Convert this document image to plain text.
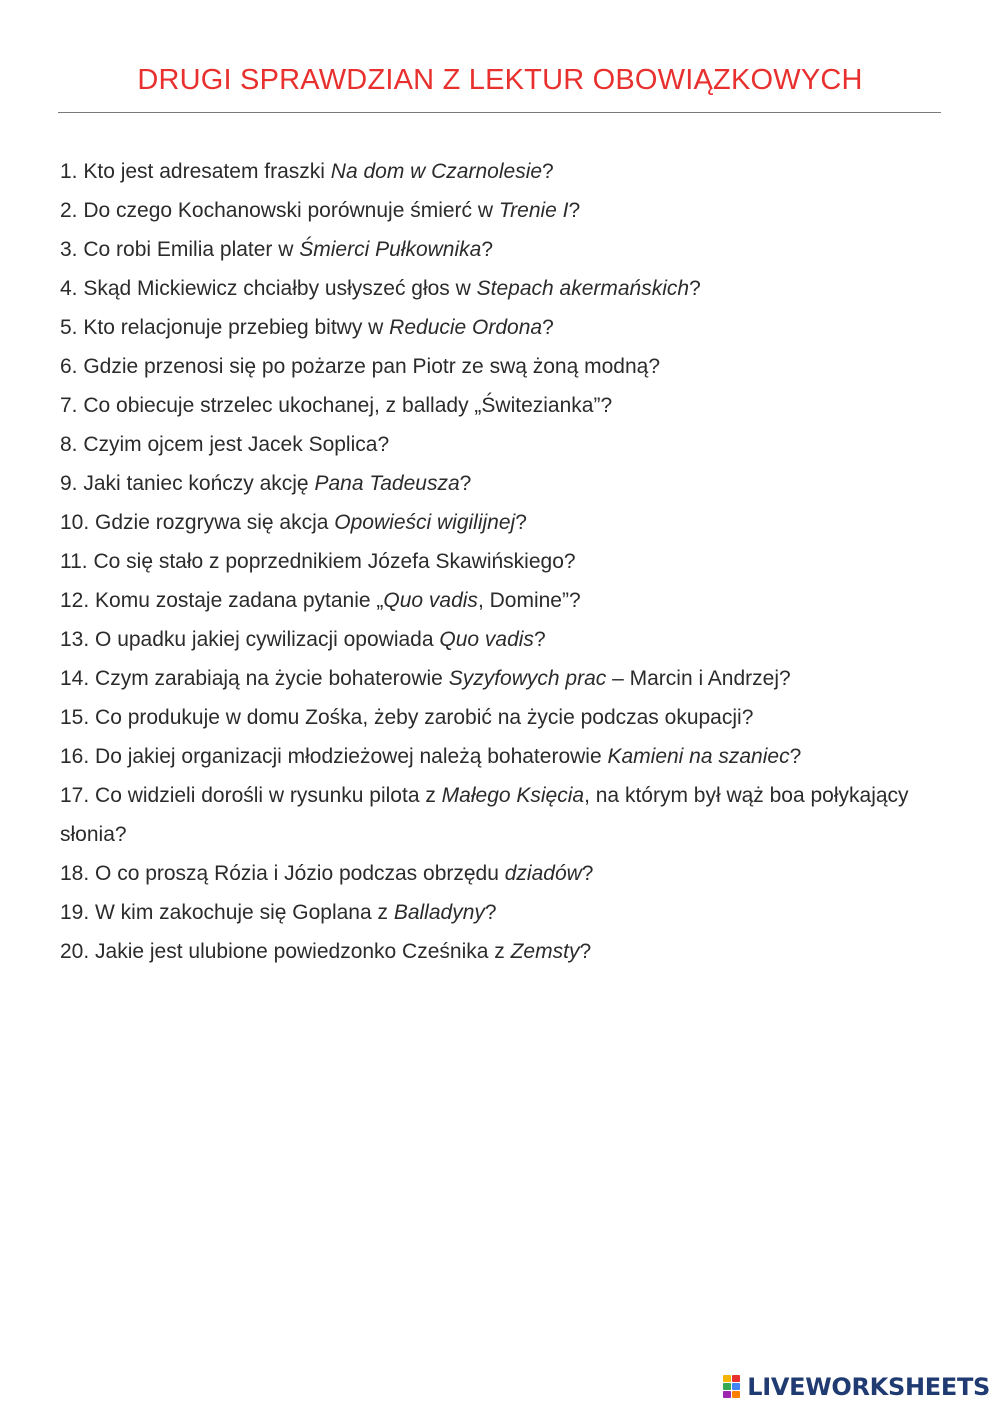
DRUGI SPRAWDZIAN Z LEKTUR OBOWIĄZKOWYCH
1. Kto jest adresatem fraszki Na dom w Czarnolesie?
2. Do czego Kochanowski porównuje śmierć w Trenie I?
3. Co robi Emilia plater w Śmierci Pułkownika?
4. Skąd Mickiewicz chciałby usłyszeć głos w Stepach akermańskich?
5. Kto relacjonuje przebieg bitwy w Reducie Ordona?
6. Gdzie przenosi się po pożarze pan Piotr ze swą żoną modną?
7. Co obiecuje strzelec ukochanej, z ballady „Świtezianka”?
8. Czyim ojcem jest Jacek Soplica?
9. Jaki taniec kończy akcję Pana Tadeusza?
10. Gdzie rozgrywa się akcja Opowieści wigilijnej?
11. Co się stało z poprzednikiem Józefa Skawińskiego?
12. Komu zostaje zadana pytanie „Quo vadis, Domine”?
13. O upadku jakiej cywilizacji opowiada Quo vadis?
14. Czym zarabiają na życie bohaterowie Syzyfowych prac – Marcin i Andrzej?
15. Co produkuje w domu Zośka, żeby zarobić na życie podczas okupacji?
16. Do jakiej organizacji młodzieżowej należą bohaterowie Kamieni na szaniec?
17. Co widzieli dorośli w rysunku pilota z Małego Księcia, na którym był wąż boa połykający słonia?
18. O co proszą Rózia i Józio podczas obrzędu dziadów?
19. W kim zakochuje się Goplana z Balladyny?
20. Jakie jest ulubione powiedzonko Cześnika z Zemsty?
LIVEWORKSHEETS
